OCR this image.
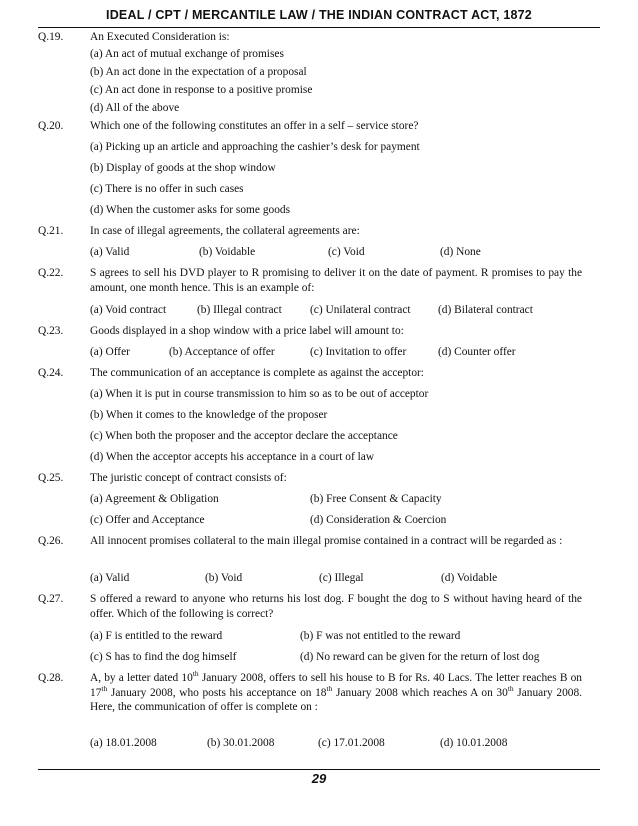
IDEAL / CPT / MERCANTILE LAW / THE INDIAN CONTRACT ACT, 1872
Q.19.	An Executed Consideration is:
(a) An act of mutual exchange of promises
(b) An act done in the expectation of a proposal
(c) An act done in response to a positive promise
(d) All of the above
Q.20.	Which one of the following constitutes an offer in a self – service store?
(a) Picking up an article and approaching the cashier’s desk for payment
(b) Display of goods at the shop window
(c) There is no offer in such cases
(d) When the customer asks for some goods
Q.21.	In case of illegal agreements, the collateral agreements are:
(a) Valid	(b) Voidable	(c) Void	(d) None
Q.22.	S agrees to sell his DVD player to R promising to deliver it on the date of payment. R promises to pay the amount, one month hence. This is an example of:
(a) Void contract	(b) Illegal contract (c) Unilateral contract (d) Bilateral contract
Q.23.	Goods displayed in a shop window with a price label will amount to:
(a) Offer	(b) Acceptance of offer	(c) Invitation to offer	(d) Counter offer
Q.24.	The communication of an acceptance is complete as against the acceptor:
(a) When it is put in course transmission to him so as to be out of acceptor
(b) When it comes to the knowledge of the proposer
(c) When both the proposer and the acceptor declare the acceptance
(d) When the acceptor accepts his acceptance in a court of law
Q.25.	The juristic concept of contract consists of:
(a) Agreement & Obligation	(b) Free Consent & Capacity
(c) Offer and Acceptance	(d) Consideration & Coercion
Q.26.	All innocent promises collateral to the main illegal promise contained in a contract will be regarded as :
(a) Valid	(b) Void	(c) Illegal	(d) Voidable
Q.27.	S offered a reward to anyone who returns his lost dog. F bought the dog to S without having heard of the offer. Which of the following is correct?
(a) F is entitled to the reward	(b) F was not entitled to the reward
(c) S has to find the dog himself	(d) No reward can be given for the return of lost dog
Q.28.	A, by a letter dated 10th January 2008, offers to sell his house to B for Rs. 40 Lacs. The letter reaches B on 17th January 2008, who posts his acceptance on 18th January 2008 which reaches A on 30th January 2008. Here, the communication of offer is complete on :
(a) 18.01.2008	(b) 30.01.2008	(c) 17.01.2008	(d) 10.01.2008
29
